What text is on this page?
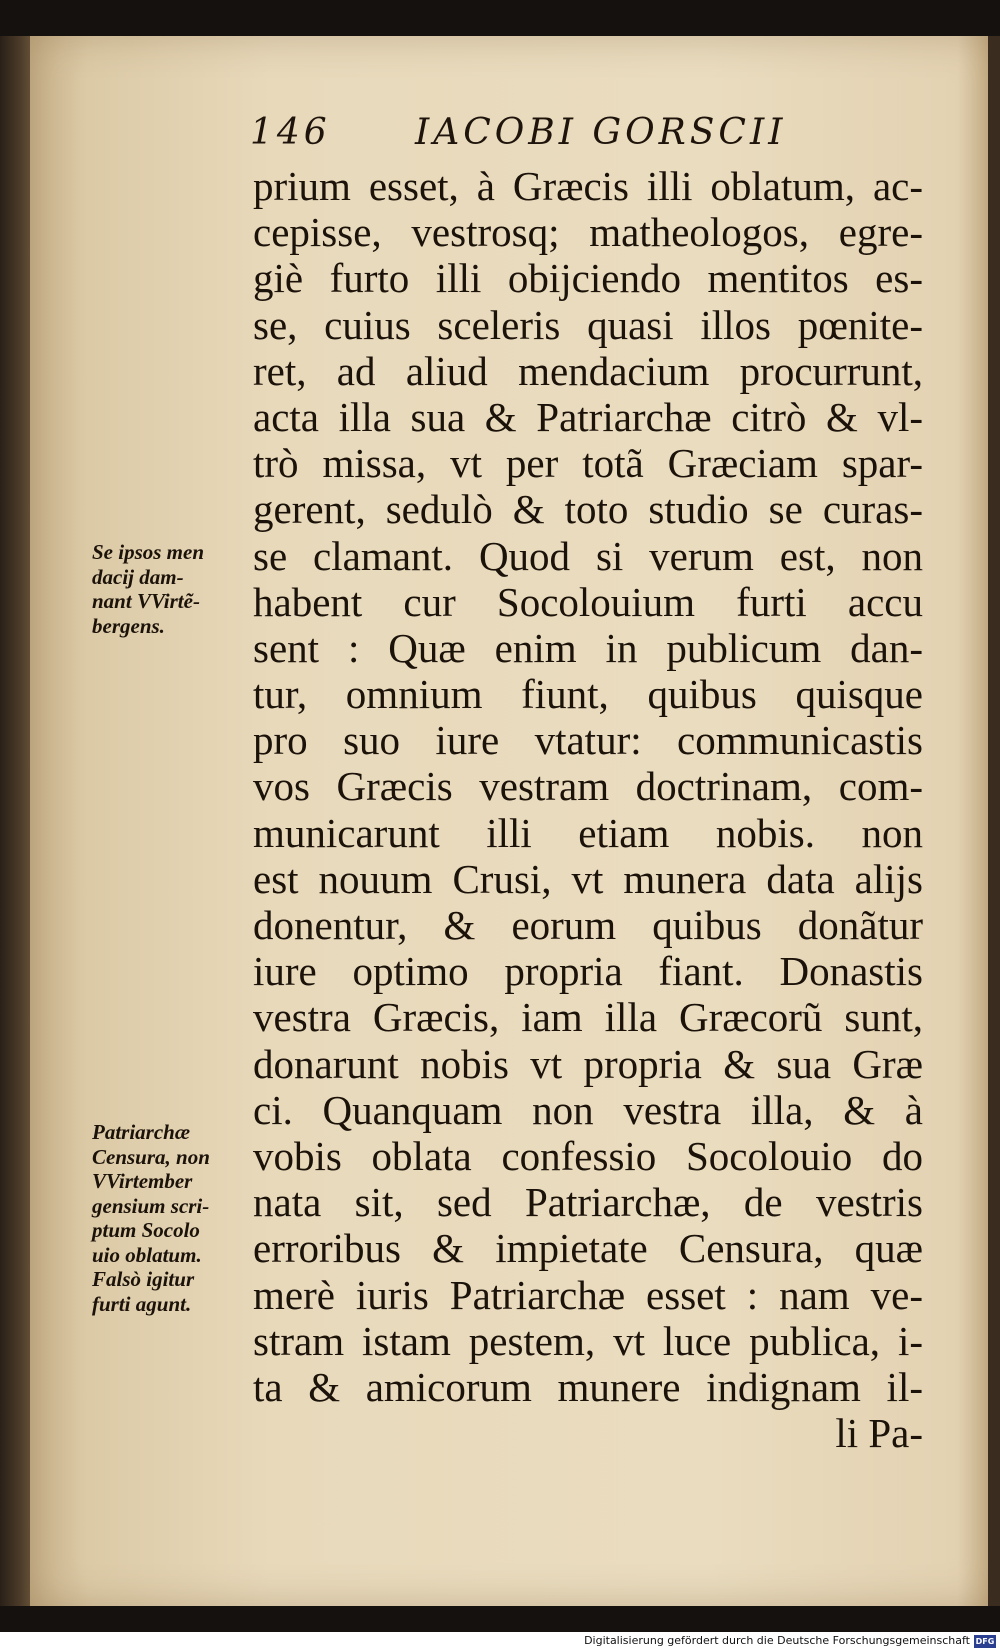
146 IACOBI GORSCII
prium esset, à Græcis illi oblatum, ac-
cepisse, vestrosq; matheologos, egre-
giè furto illi obijciendo mentitos es-
se, cuius sceleris quasi illos pœnite-
ret, ad aliud mendacium procurrunt,
acta illa sua & Patriarchæ citrò & vl-
trò missa, vt per totã Græciam spar-
gerent, sedulò & toto studio se curas-
se clamant. Quod si verum est, non
habent cur Socolouium furti accu
sent : Quæ enim in publicum dan-
tur, omnium fiunt, quibus quisque
pro suo iure vtatur: communicastis
vos Græcis vestram doctrinam, com-
municarunt illi etiam nobis. non
est nouum Crusi, vt munera data alijs
donentur, & eorum quibus donãtur
iure optimo propria fiant. Donastis
vestra Græcis, iam illa Græcorũ sunt,
donarunt nobis vt propria & sua Græ
ci. Quanquam non vestra illa, & à
vobis oblata confessio Socolouio do
nata sit, sed Patriarchæ, de vestris
erroribus & impietate Censura, quæ
merè iuris Patriarchæ esset : nam ve-
stram istam pestem, vt luce publica, i-
ta & amicorum munere indignam il-
li Pa-
Se ipsos men
dacij dam-
nant VVirtẽ-
bergens.
Patriarchæ
Censura, non
VVirtember
gensium scri-
ptum Socolo
uio oblatum.
Falsò igitur
furti agunt.
Digitalisierung gefördert durch die Deutsche Forschungsgemeinschaft DFG
